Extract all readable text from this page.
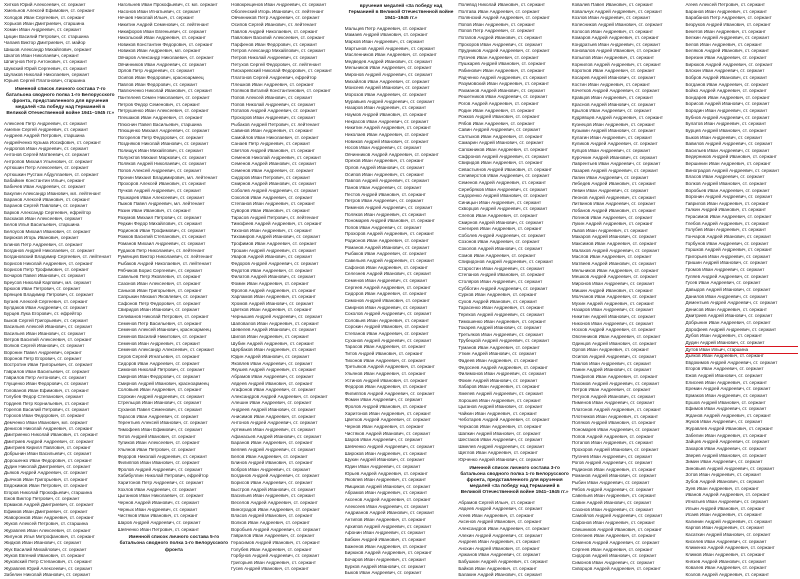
Хитков Юрий Алексеевич, ст. сержант
Хмельнов Алексей Ефимович, ст. сержант
Холодов Иван Сергеевич, ст. сержант
Хорьков Иван Дмитриевич, старшина
Хомин Иван Андреевич, ст. сержант
Цицин Василий Петрович, ст. старшина
Чапаев Виктор Дмитриевич, ст. майор
Шишов Александр Михайлович, сержант
Шкатов Иван Николаевич, сержант
Шпигунов Петр Антонович, ст. сержант
Шумский Юрий Сергеевич, ст. сержант
Шулаков Николай Николаевич, сержант
Юрьев Сергей Платонович, старшина
Именной список личного состава 7-го батальона сводного полка 1-го Белорусского фронта, представленного для вручения медалей «За победу над Германией в Великой Отечественной войне 1941–1945 гг.»
Алексеев Петр Андреевич, ст. сержант
Амелин Сергей Андреевич, ст. сержант
Андреев Андрей Петрович, старшина
Андрейченко Кузьма Иосифович, ст. сержант
Андропов Иван Андреевич, ст. сержант
Антонов Сергей Матвеевич, ст. сержант
Антропов Михаил Ульянович, ст. сержант
Артюшин Петр Алексеевич, ст. сержант
Артюшкин Рустам Абдуллаевич, ст. сержант
Бабайкин Константин Ильич, сержант
Бабичев Иван Андреевич, ст. сержант
Бакулин Александр Иванович, мл. лейтенант
Баранов Алексей Иванович, ст. сержант
Баранов Сергей Павлович, ст. сержант
Барков Александр Сергеевич, ефрейтор
Баскаков Иван Алексеевич, сержант
Белов Илья Васильевич, старшина
Белоусов Михаил Иванович, ст. сержант
Бирюков Игорь Иванович, сержант
Блинов Петр Андреевич, ст. сержант
Богданов Андрей Николаевич, ст. сержант
Богдановский Владимир Сергеевич, ст. лейтенант
Борисов Николай Андреевич, ст. сержант
Борисов Петр Трофимович, ст. сержант
Бочаров Павел Иванович, ст. сержант
Бреусов Николай Карпович, мл. сержант
Брюхов Иван Петрович, ст. сержант
Брянцев Владимир Петрович, ст. сержант
Бугаев Алексей Сергеевич, ст. сержант
Булдаков Иван Андреевич, ст. сержант
Бурцев Лука Егорович, ст. ефрейтор
Быков Сергей Григорьевич, ст. сержант
Васильев Алексей Иванович, ст. сержант
Васильев Иван Иванович, ст. сержант
Ветров Василий Алексеевич, ст. сержант
Волков Сергей Иванович, ст. сержант
Воронин Павел Андреевич, сержант
Воронов Петр Егорович, ст. сержант
Востротин Иван Григорьевич, ст. сержант
Гаврилов Иван Васильевич, ст. сержант
Гаврилов Петр Антонович, ст. сержант
Глущенко Иван Федорович, ст. сержант
Голованов Иван Ефимович, ст. сержант
Голубев Федор Степанович, сержант
Гордеев Петр Корнильевич, ст. сержант
Горелов Василий Петрович, ст. сержант
Горохов Иван Федорович, ст. сержант
Демченко Иван Иванович, мл. сержант
Денисов Николай Андреевич, ст. сержант
Дмитриенко Николай Иванович, ст. сержант
Дмитриев Андрей Андреевич, ст. сержант
Дмитриев Кирилл Павлович, ст. сержант
Добрынин Иван Васильевич, ст. сержант
Дорошенко Иван Федорович, ст. сержант
Дудин Николай Дмитриевич, ст. сержант
Дьяков Андрей Андреевич, ст. сержант
Дьячков Иван Григорьевич, ст. сержант
Евдокимов Иван Петрович, ст. сержант
Егоров Николай Прокофьевич, старшина
Ежов Виктор Петрович, ст. сержант
Ермаков Андрей Дмитриевич, ст. сержант
Ефимов Иван Дмитриевич, ст. сержант
Жаворонков Иван Андреевич, ст. сержант
Жуков Алексей Петрович, ст. старшина
Журавлев Иван Алексеевич, ст. сержант
Жигунов Илья Митрофанович, ст. сержант
Жидков Иван Иванович, ст. сержант
Жук Василий Михайлович, ст. сержант
Жуков Евгений Иванович, ст. сержант
Жуковский Петр Степанович, ст. сержант
Журавлев Юрий Алексеевич, ст. сержант
Забелин Николай Иванович, ст. сержант
Нагольнев Иван Прокофьевич, ст. мл. сержант
Насонов Иван Игнатьевич, ст. сержант
Нечаев Николай Ильич, ст. сержант
Никитин Андрей Семенович, ст. лейтенант
Никифоров Иван Евгеньевич, ст. сержант
Никольский Иван Андреевич, ст. сержант
Новиков Константин Федорович, ст. сержант
Новиков Иван Андреевич, мл. сержант
Овчаров Александр Николаевич, ст. сержант
Овчинников Иван Андреевич, ст. сержант
Орлов Петр Андреевич, ст. сержант
Осипов Иван Федорович, красноармеец
Павлов Иван Федорович, ст. сержант
Павлюченко Николай Иванович, ст. сержант
Пантелеев Семен Николаевич, ст. сержант
Петров Федор Семенович, ст. сержант
Петрушенко Иван Алексеевич, ст. сержант
Плешаков Иван Андреевич, ст. сержант
Плюснин Павел Васильевич, старшина
Плющенко Михаил Андреевич, ст. сержант
Погорелов Петр Федорович, ст. сержант
Поздняков Николай Иванович, ст. сержант
Полищук Иван Михайлович, ст. сержант
Полуэктов Михаил Маркович, ст. сержант
Поляков Андрей Николаевич, ст. сержант
Попов Алексей Андреевич, ст. сержант
Пронин Михаил Владимирович, мл. лейтенант
Прохоров Алексей Иванович, ст. сержант
Пучков Андрей Андреевич, ст. сержант
Пушкарев Иван Алексеевич, ст. сержант
Пыжов Павел Андреевич, мл. лейтенант
Разин Иван Иванович, ст. сержант
Разумов Михаил Петрович, ст. сержант
Редкин Федор Михайлович, ст. сержант
Родионов Иван Трофимович, ст. сержант
Рожков Василий Степанович, ст. сержант
Романов Михаил Андреевич, ст. сержант
Рудаков Петр Николаевич, ст. лейтенант
Румянцев Виктор Николаевич, ст. лейтенант
Рыбаков Андрей Николаевич, ст. лейтенант
Рябчиков Борис Сергеевич, ст. сержант
Савельев Петр Яковлевич, ст. сержант
Сазонов Иван Алексеевич, ст. сержант
Саньков Иван Григорьевич, ст. сержант
Сапрыкин Михаил Яковлевич, ст. сержант
Сафонов Петр Федорович, ст. сержант
Свиридов Иван Иванович, ст. сержант
Селиванов Николай Петрович, ст. сержант
Семенов Петр Васильевич, ст. сержант
Семенов Алексей Иванович, красноармеец
Семенов Василий Никитович, ст. сержант
Семенов Иван Андреевич, ст. сержант
Семенов Александр Алексеевич, ст. сержант
Серов Сергей Игнатьевич, ст. сержант
Сидоров Иван Андреевич, ст. сержант
Симонов Николай Петрович, ст. сержант
Смирнов Иван Федорович, ст. сержант
Смирнов Андрей Иванович, красноармеец
Соловьев Иван Андреевич, ст. сержант
Сорокин Андрей Андреевич, ст. сержант
Стрельцов Иван Иванович, ст. сержант
Суханов Павел Семенович, ст. сержант
Тарасов Иван Андреевич, ст. сержант
Терентьев Алексей Иванович, ст. сержант
Тимофеев Иван Ефимович, ст. сержант
Титов Андрей Иванович, ст. сержант
Тупиков Иван Алексеевич, ст. сержант
Ульянов Иван Петрович, ст. сержант
Федоров Николай Андреевич, ст. сержант
Филиппов Иван Иванович, ст. сержант
Фролов Андрей Андреевич, ст. сержант
Хабибуллин Николай Петрович, ефрейтор
Харитонов Петр Андреевич, ст. сержант
Хохлов Иван Андреевич, ст. сержант
Цыганков Иван Николаевич, ст. сержант
Чернов Андрей Иванович, ст. сержант
Черных Иван Андреевич, ст. сержант
Чистяков Иван Иванович, ст. сержант
Шаров Андрей Андреевич, ст. сержант
Шевченко Иван Петрович, ст. сержант
Именной список личного состава 5-го батальона сводного полка 1-го Белорусского фронта
Новокрещенов Иван Андреевич, ст. сержант
Оболенский Игорь Иванович, ст. лейтенант
Овчинников Петр Андреевич, ст. сержант
Осипов Сергей Иванович, ст. лейтенант
Павлов Андрей Николаевич, ст. сержант
Павлович Василий Алексеевич, ст. сержант
Парфенов Иван Федорович, ст. сержант
Петров Александр Михайлович, ст. сержант
Петров Николай Андреевич, ст. сержант
Петухов Сергей Федорович, ст. лейтенант
Пискаревский Николай Федорович, ст. сержант
Платонов Сергей Андреевич, ефрейтор
Плешков Иван Андреевич, ст. сержант
Поляков Виталий Константинович, ст. сержант
Попов Алексей Иванович, ст. сержант
Попов Николай Андреевич, ст. сержант
Потапов Андрей Андреевич, ст. сержант
Прохоров Иван Андреевич, ст. сержант
Рыбаков Андрей Петрович, ст. лейтенант
Савинов Иван Андреевич, ст. сержант
Самойлов Иван Николаевич, ст. сержант
Санаев Петр Андреевич, ст. сержант
Светлов Андрей Иванович, ст. сержант
Семенов Николай Андреевич, ст. сержант
Семенов Андрей Иванович, ст. сержант
Семенов Иван Андреевич, ст. сержант
Сидоров Иван Петрович, ст. сержант
Смирнов Андрей Иванович, ст. сержант
Соболев Андрей Андреевич, ст. сержант
Соколов Иван Андреевич, ст. сержант
Степанов Иван Андреевич, ст. сержант
Суворов Иван Иванович, ст. сержант
Тарасов Андрей Петрович, ст. лейтенант
Тимофеев Андрей Андреевич, ст. сержант
Тихонов Иван Андреевич, ст. сержант
Тихомиров Андрей Иванович, ст. сержант
Трофимов Иван Андреевич, ст. сержант
Трошин Андрей Андреевич, ст. сержант
Уваров Андрей Иванович, ст. сержант
Федоров Андрей Андреевич, ст. сержант
Федотов Иван Андреевич, ст. сержант
Филатов Андрей Иванович, ст. сержант
Фомин Иван Андреевич, ст. сержант
Фролов Андрей Андреевич, ст. сержант
Харламов Иван Андреевич, ст. сержант
Хромов Андрей Иванович, ст. сержант
Цветков Иван Андреевич, ст. сержант
Чернышев Андрей Андреевич, ст. сержант
Шаповалов Иван Андреевич, ст. сержант
Шевелев Андрей Иванович, ст. сержант
Шилов Иван Андреевич, ст. сержант
Шубин Андрей Андреевич, ст. сержант
Щербаков Иван Андреевич, ст. сержант
Юдин Андрей Иванович, ст. сержант
Яковлев Иван Андреевич, ст. сержант
Якушев Андрей Андреевич, ст. сержант
Абрамов Иван Андреевич, ст. сержант
Авдеев Андрей Иванович, ст. сержант
Агафонов Иван Андреевич, ст. сержант
Александров Андрей Андреевич, ст. сержант
Алешин Иван Андреевич, ст. сержант
Андреев Андрей Иванович, ст. сержант
Анисимов Иван Андреевич, ст. сержант
Антонов Андрей Андреевич, ст. сержант
Артемьев Иван Андреевич, ст. сержант
Афанасьев Андрей Иванович, ст. сержант
Баранов Иван Андреевич, ст. сержант
Беляев Андрей Андреевич, ст. сержант
Белов Иван Андреевич, ст. сержант
Блинов Андрей Иванович, ст. сержант
Бобров Иван Андреевич, ст. сержант
Богданов Андрей Андреевич, ст. сержант
Борисов Иван Андреевич, ст. сержант
Быстров Андрей Иванович, ст. сержант
Васильев Иван Андреевич, ст. сержант
Веселов Андрей Андреевич, ст. сержант
Виноградов Иван Андреевич, ст. сержант
Власов Андрей Иванович, ст. сержант
Волков Иван Андреевич, ст. сержант
Воробьев Андрей Андреевич, ст. сержант
Гаврилов Иван Андреевич, ст. сержант
Герасимов Андрей Иванович, ст. сержант
Голубев Иван Андреевич, ст. сержант
Горбунов Андрей Андреевич, ст. сержант
Григорьев Иван Андреевич, ст. сержант
Гусев Андрей Иванович, ст. сержант
вручения медалей «За победу над Германией в Великой Отечественной войне 1941–1945 гг.»
Мальцев Петр Андреевич, ст. сержант
Мамаев Андрей Иванович, ст. сержант
Марков Иван Андреевич, ст. сержант
Мартынов Андрей Андреевич, ст. сержант
Масленников Иван Андреевич, ст. сержант
Медведев Андрей Иванович, ст. сержант
Мельников Иван Андреевич, ст. сержант
Миронов Андрей Андреевич, ст. сержант
Михайлов Иван Андреевич, ст. сержант
Моисеев Андрей Иванович, ст. сержант
Морозов Иван Андреевич, ст. сержант
Муравьев Андрей Андреевич, ст. сержант
Назаров Иван Андреевич, ст. сержант
Наумов Андрей Иванович, ст. сержант
Некрасов Иван Андреевич, ст. сержант
Никитин Андрей Андреевич, ст. сержант
Николаев Иван Андреевич, ст. сержант
Новиков Андрей Иванович, ст. сержант
Носов Иван Андреевич, ст. сержант
Овчинников Андрей Андреевич, ст. сержант
Орехов Иван Андреевич, ст. сержант
Орлов Андрей Иванович, ст. сержант
Осипов Иван Андреевич, ст. сержант
Павлов Андрей Андреевич, ст. сержант
Панов Иван Андреевич, ст. сержант
Пестов Андрей Иванович, ст. сержант
Петров Иван Андреевич, ст. сержант
Пименов Андрей Андреевич, ст. сержант
Поляков Иван Андреевич, ст. сержант
Пономарев Андрей Иванович, ст. сержант
Попов Иван Андреевич, ст. сержант
Прохоров Андрей Андреевич, ст. сержант
Родионов Иван Андреевич, ст. сержант
Романов Андрей Иванович, ст. сержант
Рыбаков Иван Андреевич, ст. сержант
Савельев Андрей Андреевич, ст. сержант
Сафонов Иван Андреевич, ст. сержант
Селезнев Андрей Иванович, ст. сержант
Семенов Иван Андреевич, ст. сержант
Сергеев Андрей Андреевич, ст. сержант
Сидоров Иван Андреевич, ст. сержант
Симонов Андрей Иванович, ст. сержант
Смирнов Иван Андреевич, ст. сержант
Соколов Андрей Андреевич, ст. сержант
Соловьев Иван Андреевич, ст. сержант
Сорокин Андрей Иванович, ст. сержант
Степанов Иван Андреевич, ст. сержант
Суханов Андрей Андреевич, ст. сержант
Тарасов Иван Андреевич, ст. сержант
Титов Андрей Иванович, ст. сержант
Тихонов Иван Андреевич, ст. сержант
Третьяков Андрей Андреевич, ст. сержант
Ульянов Иван Андреевич, ст. сержант
Устинов Андрей Иванович, ст. сержант
Федоров Иван Андреевич, ст. сержант
Филиппов Андрей Андреевич, ст. сержант
Фомин Иван Андреевич, ст. сержант
Фролов Андрей Иванович, ст. сержант
Харитонов Иван Андреевич, ст. сержант
Цветков Андрей Андреевич, ст. сержант
Чернов Иван Андреевич, ст. сержант
Чистяков Андрей Иванович, ст. сержант
Шаров Иван Андреевич, ст. сержант
Шевченко Андрей Андреевич, ст. сержант
Широков Иван Андреевич, ст. сержант
Щукин Андрей Иванович, ст. сержант
Юдин Иван Андреевич, ст. сержант
Юрьев Андрей Андреевич, ст. сержант
Яковлев Иван Андреевич, ст. сержант
Ямщиков Андрей Иванович, ст. сержант
Абрамов Иван Андреевич, ст. сержант
Аксенов Андрей Андреевич, ст. сержант
Алексеев Иван Андреевич, ст. сержант
Андрианов Андрей Иванович, ст. сержант
Антипов Иван Андреевич, ст. сержант
Архипов Андрей Андреевич, ст. сержант
Афонин Иван Андреевич, ст. сержант
Бабкин Андрей Иванович, ст. сержант
Баженов Иван Андреевич, ст. сержант
Бирюков Андрей Андреевич, ст. сержант
Бочаров Иван Андреевич, ст. сержант
Бурков Андрей Иванович, ст. сержант
Быков Иван Андреевич, ст. сержант
Полевод Николай Иванович, ст. сержант
Полтава Иван Андреевич, ст. сержант
Полянский Андрей Андреевич, ст. сержант
Попов Иван Андреевич, ст. сержант
Попов Петр Андреевич, ст. сержант
Потапов Андрей Иванович, ст. сержант
Прохоров Иван Андреевич, ст. сержант
Прудников Андрей Андреевич, ст. сержант
Пугачев Иван Андреевич, ст. сержант
Пушкарев Андрей Иванович, ст. сержант
Рабинович Иван Андреевич, ст. сержант
Радченко Андрей Андреевич, ст. сержант
Разумовский Иван Андреевич, ст. сержант
Рахманов Андрей Иванович, ст. сержант
Решетников Иван Андреевич, ст. сержант
Рогов Андрей Андреевич, ст. сержант
Родин Иван Андреевич, ст. сержант
Рожков Андрей Иванович, ст. сержант
Рябов Иван Андреевич, ст. сержант
Савин Андрей Андреевич, ст. сержант
Салтыков Иван Андреевич, ст. сержант
Самарин Андрей Иванович, ст. сержант
Сапожников Иван Андреевич, ст. сержант
Сафронов Андрей Андреевич, ст. сержант
Свиридов Иван Андреевич, ст. сержант
Севастьянов Андрей Иванович, ст. сержант
Селиверстов Иван Андреевич, ст. сержант
Семенов Андрей Андреевич, ст. сержант
Серебряков Иван Андреевич, ст. сержант
Сидоренко Андрей Иванович, ст. сержант
Синицын Иван Андреевич, ст. сержант
Скворцов Андрей Андреевич, ст. сержант
Слепов Иван Андреевич, ст. сержант
Смирнов Андрей Иванович, ст. сержант
Снегирев Иван Андреевич, ст. сержант
Соболев Андрей Андреевич, ст. сержант
Созонов Иван Андреевич, ст. сержант
Соколов Андрей Иванович, ст. сержант
Сомов Иван Андреевич, ст. сержант
Спиридонов Андрей Андреевич, ст. сержант
Старостин Иван Андреевич, ст. сержант
Степанов Андрей Иванович, ст. сержант
Столяров Иван Андреевич, ст. сержант
Субботин Андрей Андреевич, ст. сержант
Сурков Иван Андреевич, ст. сержант
Сухов Андрей Иванович, ст. сержант
Тарасенко Иван Андреевич, ст. сержант
Терехов Андрей Андреевич, ст. сержант
Тимошенко Иван Андреевич, ст. сержант
Токарев Андрей Иванович, ст. сержант
Третьяков Иван Андреевич, ст. сержант
Трубецкой Андрей Андреевич, ст. сержант
Туманов Иван Андреевич, ст. сержант
Уткин Андрей Иванович, ст. сержант
Фадеев Иван Андреевич, ст. сержант
Федосеев Андрей Андреевич, ст. сержант
Филимонов Иван Андреевич, ст. сержант
Фокин Андрей Иванович, ст. сержант
Хабаров Иван Андреевич, ст. сержант
Хмелев Андрей Андреевич, ст. сержант
Хорошев Иван Андреевич, ст. сержант
Цыганов Андрей Иванович, ст. сержант
Чайкин Иван Андреевич, ст. сержант
Чеботарев Андрей Андреевич, ст. сержант
Черкасов Иван Андреевич, ст. сержант
Шапкин Андрей Иванович, ст. сержант
Шестаков Иван Андреевич, ст. сержант
Шмелев Андрей Андреевич, ст. сержант
Щеглов Иван Андреевич, ст. сержант
Юрченко Андрей Иванович, ст. сержант
Именной список личного состава 3-го батальона сводного полка 1-го Белорусского фронта, представленного для вручения медалей «За победу над Германией в Великой Отечественной войне 1941–1945 гг.»
Абрамов Сергей Ильич, ст. сержант
Авдеев Андрей Андреевич, ст. сержант
Агеев Иван Андреевич, ст. сержант
Аксенов Андрей Иванович, ст. сержант
Александров Иван Андреевич, ст. сержант
Алехин Андрей Андреевич, ст. сержант
Андреев Иван Андреевич, ст. сержант
Анохин Андрей Иванович, ст. сержант
Аржанов Иван Андреевич, ст. сержант
Бабушкин Андрей Андреевич, ст. сержант
Байков Иван Андреевич, ст. сержант
Балакин Андрей Иванович, ст. сержант
Ковалев Павел Иванович, ст. сержант
Ковальчук Андрей Андреевич, ст. сержант
Козлов Иван Андреевич, ст. сержант
Колесников Андрей Иванович, ст. сержант
Колосов Иван Андреевич, ст. сержант
Комаров Андрей Андреевич, ст. сержант
Кондратьев Иван Андреевич, ст. сержант
Коновалов Андрей Иванович, ст. сержант
Копылов Иван Андреевич, ст. сержант
Корнилов Андрей Андреевич, ст. сержант
Коротков Иван Андреевич, ст. сержант
Косарев Андрей Иванович, ст. сержант
Костин Иван Андреевич, ст. сержант
Кочетков Андрей Андреевич, ст. сержант
Кравцов Иван Андреевич, ст. сержант
Краснов Андрей Иванович, ст. сержант
Крылов Иван Андреевич, ст. сержант
Кудрявцев Андрей Андреевич, ст. сержант
Кузнецов Иван Андреевич, ст. сержант
Кузьмин Андрей Иванович, ст. сержант
Кулагин Иван Андреевич, ст. сержант
Куликов Андрей Андреевич, ст. сержант
Купцов Иван Андреевич, ст. сержант
Курочкин Андрей Иванович, ст. сержант
Лаврентьев Иван Андреевич, ст. сержант
Лазарев Андрей Андреевич, ст. сержант
Лапин Иван Андреевич, ст. сержант
Лебедев Андрей Иванович, ст. сержант
Левин Иван Андреевич, ст. сержант
Леонов Андрей Андреевич, ст. сержант
Литвинов Иван Андреевич, ст. сержант
Лобанов Андрей Иванович, ст. сержант
Логинов Иван Андреевич, ст. сержант
Лукин Андрей Андреевич, ст. сержант
Львов Иван Андреевич, ст. сержант
Макаров Андрей Иванович, ст. сержант
Максимов Иван Андреевич, ст. сержант
Малахов Андрей Андреевич, ст. сержант
Маслов Иван Андреевич, ст. сержант
Матвеев Андрей Иванович, ст. сержант
Мельников Иван Андреевич, ст. сержант
Мешков Андрей Андреевич, ст. сержант
Миронов Иван Андреевич, ст. сержант
Мишин Андрей Иванович, ст. сержант
Молчанов Иван Андреевич, ст. сержант
Мухин Андрей Андреевич, ст. сержант
Назаров Иван Андреевич, ст. сержант
Никитин Андрей Иванович, ст. сержант
Никонов Иван Андреевич, ст. сержант
Носков Андрей Андреевич, ст. сержант
Овсянников Иван Андреевич, ст. сержант
Одинцов Андрей Иванович, ст. сержант
Орлов Иван Андреевич, ст. сержант
Осипов Андрей Андреевич, ст. сержант
Павлов Иван Андреевич, ст. сержант
Панин Андрей Иванович, ст. сержант
Панфилов Иван Андреевич, ст. сержант
Пахомов Андрей Андреевич, ст. сержант
Петров Иван Андреевич, ст. сержант
Петухов Андрей Иванович, ст. сержант
Пименов Иван Андреевич, ст. сержант
Платонов Андрей Андреевич, ст. сержант
Плотников Иван Андреевич, ст. сержант
Поляков Андрей Иванович, ст. сержант
Пономарев Иван Андреевич, ст. сержант
Попов Андрей Андреевич, ст. сержант
Потапов Иван Андреевич, ст. сержант
Прохоров Андрей Иванович, ст. сержант
Пугачев Иван Андреевич, ст. сержант
Рогов Андрей Андреевич, ст. сержант
Родионов Иван Андреевич, ст. сержант
Романов Андрей Иванович, ст. сержант
Рыбин Иван Андреевич, ст. сержант
Рябов Андрей Андреевич, ст. сержант
Савельев Иван Андреевич, ст. сержант
Савин Андрей Иванович, ст. сержант
Сазонов Иван Андреевич, ст. сержант
Самойлов Андрей Андреевич, ст. сержант
Сафонов Иван Андреевич, ст. сержант
Свешников Андрей Иванович, ст. сержант
Селезнев Иван Андреевич, ст. сержант
Семенов Андрей Андреевич, ст. сержант
Сергеев Иван Андреевич, ст. сержант
Сидоров Андрей Иванович, ст. сержант
Симонов Иван Андреевич, ст. сержант
Скворцов Андрей Андреевич, ст. сержант
Агеев Алексей Петрович, ст. сержант
Баранов Иван Андреевич, ст. сержант
Барабанов Петр Андреевич, ст. сержант
Безруков Андрей Иванович, ст. сержант
Бекетов Иван Андреевич, ст. сержант
Белкин Андрей Андреевич, ст. сержант
Белов Иван Андреевич, ст. сержант
Беляков Андрей Иванович, ст. сержант
Березин Иван Андреевич, ст. сержант
Бирюков Андрей Андреевич, ст. сержант
Блохин Иван Андреевич, ст. сержант
Бобров Андрей Иванович, ст. сержант
Богданов Иван Андреевич, ст. сержант
Бойко Андрей Андреевич, ст. сержант
Бондарев Иван Андреевич, ст. сержант
Борисов Андрей Иванович, ст. сержант
Бородин Иван Андреевич, ст. сержант
Бубнов Андрей Андреевич, ст. сержант
Булатов Иван Андреевич, ст. сержант
Бурцев Андрей Иванович, ст. сержант
Быков Иван Андреевич, ст. сержант
Вавилов Андрей Андреевич, ст. сержант
Васильев Иван Андреевич, ст. сержант
Ведерников Андрей Иванович, ст. сержант
Вершинин Иван Андреевич, ст. сержант
Виноградов Андрей Андреевич, ст. сержант
Власов Иван Андреевич, ст. сержант
Волков Андрей Иванович, ст. сержант
Воробьев Иван Андреевич, ст. сержант
Воронин Андрей Андреевич, ст. сержант
Гаврилов Иван Андреевич, ст. сержант
Галкин Андрей Иванович, ст. сержант
Герасимов Иван Андреевич, ст. сержант
Глебов Андрей Андреевич, ст. сержант
Голубев Иван Андреевич, ст. сержант
Гончаров Андрей Иванович, ст. сержант
Горбунов Иван Андреевич, ст. сержант
Горшков Андрей Андреевич, ст. сержант
Григорьев Иван Андреевич, ст. сержант
Гришин Андрей Иванович, ст. сержант
Громов Иван Андреевич, ст. сержант
Гуляев Андрей Андреевич, ст. сержант
Гусев Иван Андреевич, ст. сержант
Давыдов Андрей Иванович, ст. сержант
Данилов Иван Андреевич, ст. сержант
Дементьев Андрей Андреевич, ст. сержант
Денисов Иван Андреевич, ст. сержант
Дмитриев Андрей Иванович, ст. сержант
Добрынин Иван Андреевич, ст. сержант
Дорофеев Андрей Андреевич, ст. сержант
Дубов Иван Андреевич, ст. сержант
Дудин Андрей Иванович, ст. сержант
Дутов Иван Ильич, старшина
Дьяков Иван Андреевич, ст. сержант
Евдокимов Андрей Андреевич, ст. сержант
Егоров Иван Андреевич, ст. сержант
Ежов Андрей Иванович, ст. сержант
Елисеев Иван Андреевич, ст. сержант
Еремин Андрей Андреевич, ст. сержант
Ермаков Иван Андреевич, ст. сержант
Ершов Андрей Иванович, ст. сержант
Ефимов Иван Андреевич, ст. сержант
Жданов Андрей Андреевич, ст. сержант
Жуков Иван Андреевич, ст. сержант
Журавлев Андрей Иванович, ст. сержант
Забелин Иван Андреевич, ст. сержант
Зайцев Андрей Андреевич, ст. сержант
Захаров Иван Андреевич, ст. сержант
Зверев Андрей Иванович, ст. сержант
Зимин Иван Андреевич, ст. сержант
Зиновьев Андрей Андреевич, ст. сержант
Зотов Иван Андреевич, ст. сержант
Зубов Андрей Иванович, ст. сержант
Зуев Иван Андреевич, ст. сержант
Иванов Андрей Андреевич, ст. сержант
Игнатьев Иван Андреевич, ст. сержант
Ильин Андрей Иванович, ст. сержант
Исаев Иван Андреевич, ст. сержант
Калинин Андрей Андреевич, ст. сержант
Карпов Иван Андреевич, ст. сержант
Касаткин Андрей Иванович, ст. сержант
Киселев Иван Андреевич, ст. сержант
Клименко Андрей Андреевич, ст. сержант
Климов Иван Андреевич, ст. сержант
Князев Андрей Иванович, ст. сержант
Ковалев Иван Андреевич, ст. сержант
Козлов Андрей Андреевич, ст. сержант
